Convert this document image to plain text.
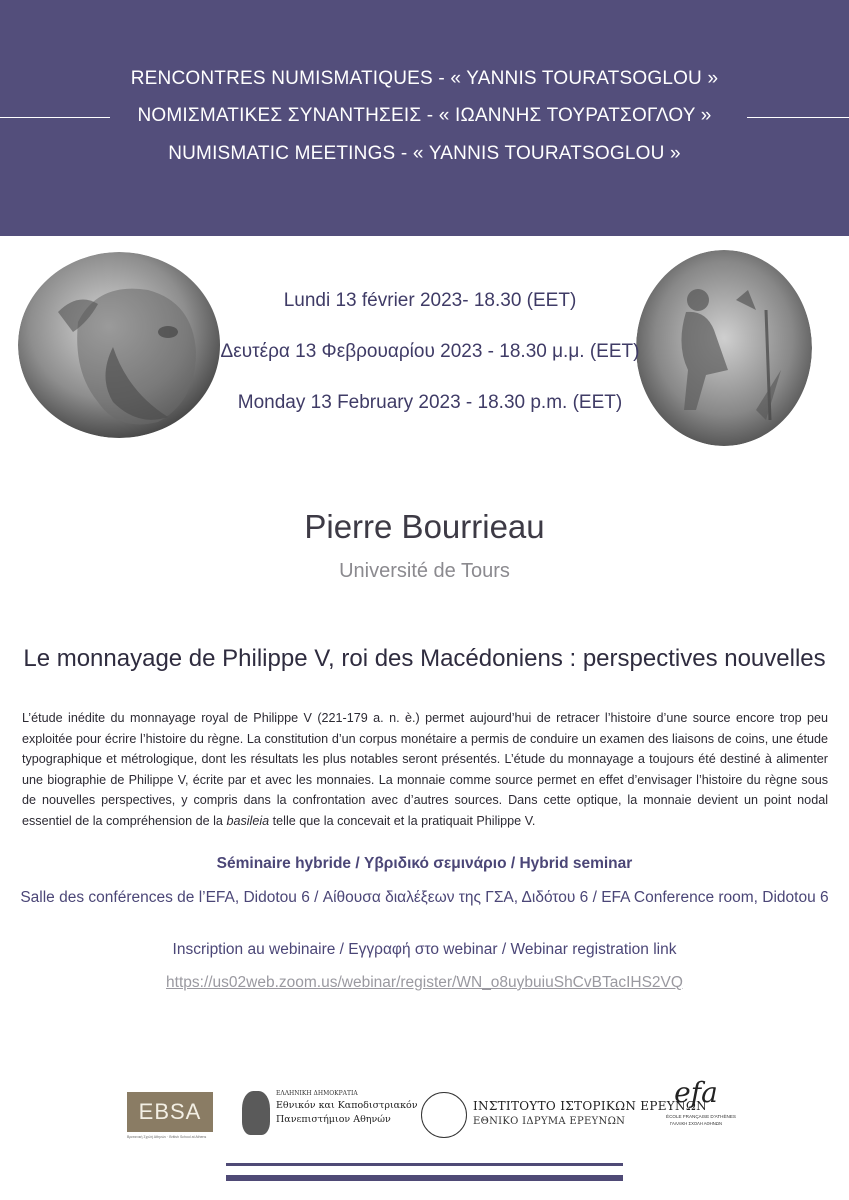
RENCONTRES NUMISMATIQUES - « YANNIS TOURATSOGLOU »
ΝΟΜΙΣΜΑΤΙΚΕΣ ΣΥΝΑΝΤΗΣΕΙΣ - « ΙΩΑΝΝΗΣ ΤΟΥΡΑΤΣΟΓΛΟΥ »
NUMISMATIC MEETINGS - « YANNIS TOURATSOGLOU »
Lundi 13 février 2023- 18.30 (EET)
Δευτέρα 13 Φεβρουαρίου 2023 - 18.30 μ.μ. (EET)
Monday 13 February 2023 - 18.30 p.m. (EET)
Pierre Bourrieau
Université de Tours
Le monnayage de Philippe V, roi des Macédoniens : perspectives nouvelles

L’étude inédite du monnayage royal de Philippe V (221-179 a. n. è.) permet aujourd’hui de retracer l’histoire d’une source encore trop peu exploitée pour écrire l’histoire du règne. La constitution d’un corpus monétaire a permis de conduire un examen des liaisons de coins, une étude typographique et métrologique, dont les résultats les plus notables seront présentés. L’étude du monnayage a toujours été destiné à alimenter une biographie de Philippe V, écrite par et avec les monnaies. La monnaie comme source permet en effet d’envisager l’histoire du règne sous de nouvelles perspectives, y compris dans la confrontation avec d’autres sources. Dans cette optique, la monnaie devient un point nodal essentiel de la compréhension de la basileia telle que la concevait et la pratiquait Philippe V.

Séminaire hybride / Υβριδικό σεμινάριο / Hybrid seminar
Salle des conférences de l’EFA, Didotou 6 / Αίθουσα διαλέξεων της ΓΣΑ, Διδότου 6 / EFA Conference room, Didotou 6
Inscription au webinaire / Εγγραφή στο webinar / Webinar registration link
https://us02web.zoom.us/webinar/register/WN_o8uybuiuShCvBTacIHS2VQ
EBSA
Βρετανική Σχολή Αθηνών · British School at Athens
ΕΛΛΗΝΙΚΗ ΔΗΜΟΚΡΑΤΙΑ
Εθνικόν και Καποδιστριακόν
Πανεπιστήμιον Αθηνών
ΙΝΣΤΙΤΟΥΤΟ ΙΣΤΟΡΙΚΩΝ ΕΡΕΥΝΩΝ
ΕΘΝΙΚΟ ΙΔΡΥΜΑ ΕΡΕΥΝΩΝ
efa
ÉCOLE FRANÇAISE D'ATHÈNES
ΓΑΛΛΙΚΗ ΣΧΟΛΗ ΑΘΗΝΩΝ
